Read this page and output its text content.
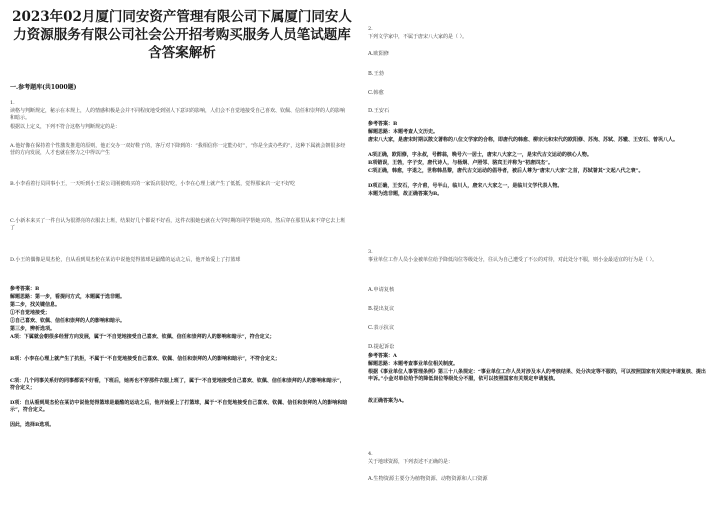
2023年02月厦门同安资产管理有限公司下属厦门同安人力资源服务有限公司社会公开招考购买服务人员笔试题库含答案解析
一.参考题库(共1000题)
1.
读格与判断规定，秘示在本规上，人的情感积极是会并不同程度地受到别人下意识的影响，人们会不自觉地接受自己喜欢、钦佩、信任和崇拜的人的影响和暗示。
根据以上定义，下列不符合这格与判断规定的是：
A.他好像在保持着个性激发推进的原则，他正交办一双好鞋子的，客厅对下降到的：“我相信你一定能办好”，“你是全责办些的”，这种下属就会朝很多经营的方向发展，人才也就在努力之中得以产生
B.小李看着行员同事小王，一天听到小王说公司刚被购买的一家饭店很好吃，小李在心理上就产生了低抵，觉得那家店一定不好吃
C.小新本来买了一件自认为很漂亮的衣服去上班，结果好几个都说不好看，这件衣服她也就在大学时期的同学帮她买的，然后穿在那里从来不穿它去上班了
D.小王的偶像是周杰伦，自从看到周杰伦在某访中说他觉得篮球是最酷的运动之后，他开始爱上了打篮球
参考答案：B
解题思路：第一步，看提问方式，本题属于选非题。
第二步，找关键信息。
①不自觉地接受；
②自己喜欢、钦佩、信任和崇拜的人的影响和暗示。
第三步，辨析选项。
A项：下属就会朝很多经营方向发展，属于“不自觉地接受自己喜欢、钦佩、信任和崇拜的人的影响和暗示”，符合定义；
B项：小李在心理上就产生了抗拒，不属于“不自觉地接受自己喜欢、钦佩、信任和崇拜的人的影响和暗示”，不符合定义；
C项：几个同事关系好的同事都说不好看，下班后，她再也不穿那件衣服上班了，属于“不自觉地接受自己喜欢、钦佩、信任和崇拜的人的影响和暗示”，符合定义；
D项：自从看到周杰伦在某访中说他觉得篮球是最酷的运动之后，他开始爱上了打篮球，属于“不自觉地接受自己喜欢、钦佩、信任和崇拜的人的影响和暗示”，符合定义。
因此，选择B选项。
2.
下列文学家中，不属于唐宋八大家的是（ ）。
A.欧阳修
B.王勃
C.韩愈
D.王安石
参考答案：B
解题思路：本题考查人文历史。
唐宋八大家，是唐宋时期以散文著称的八位文学家的合称，即唐代的韩愈、柳宗元和宋代的欧阳修、苏洵、苏轼、苏辙、王安石、曾巩八人。
A项正确，欧阳修，字永叔，号醉翁，晚号六一居士，唐宋八大家之一，是宋代古文运动的核心人物。
B项错误，王勃，字子安，唐代诗人，与杨炯、卢照邻、骆宾王并称为“初唐四杰”。
C项正确，韩愈，字退之，世称韩昌黎，唐代古文运动的倡导者，被后人尊为“唐宋八大家”之首，苏轼誉其“文起八代之衰”。
D项正确，王安石，字介甫，号半山，临川人，唐宋八大家之一，是临川文学代表人物。
本题为选非题，故正确答案为B。
3.
事业单位工作人员小金被单位给予降低岗位等级处分，往认为自己遭受了不公的对待，对此处分不服，则小金最适宜的行为是（ ）。
A.申请复核
B.提出复议
C.表示抗议
D.提起诉讼
参考答案：A
解题思路：本题考查事业单位相关制度。
根据《事业单位人事管理条例》第三十八条规定：“事业单位工作人员对涉及本人的考核结果、处分决定等不服的，可以按照国家有关规定申请复核、提出申诉。”小金对单位给予的降低岗位等级处分不服，依可以按照国家有关规定申请复核。
故正确答案为A。
4.
关于地球资源，下列表述不正确的是：
A.生物资源主要分为植物资源、动物资源和人口资源
